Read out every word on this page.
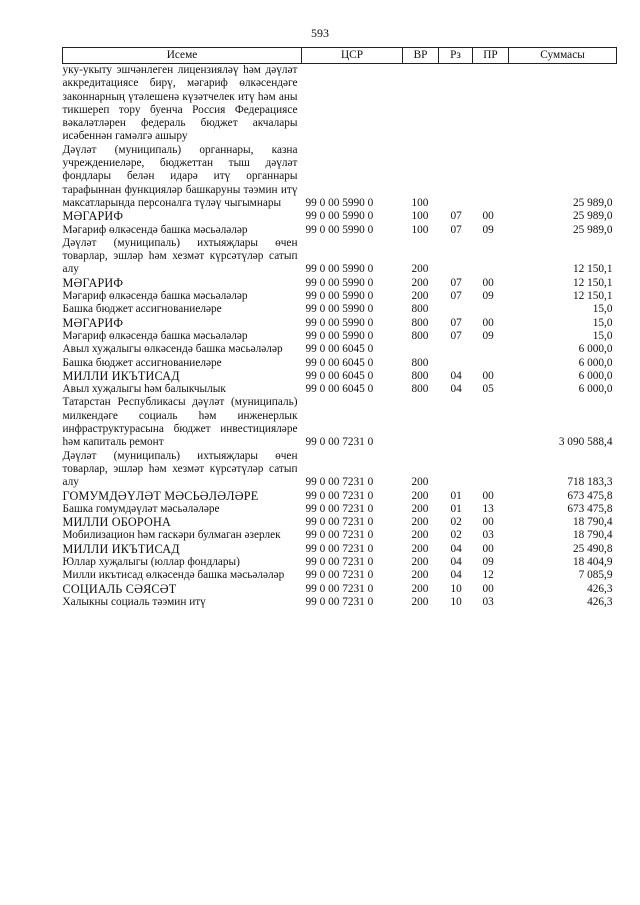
593
Исеме	ЦСР	ВР	Рз	ПР	Суммасы
уку-укыту эшчәнлеген лицензияләү һәм дәүләт аккредитациясе бирү, мәгариф өлкәсендәге законнарның үтәлешенә күзәтчелек итү һәм аны тикшереп тору буенча Россия Федерациясе вәкаләтләрен федераль бюджет акчалары исәбеннән гамәлгә ашыру					
Дәүләт (муниципаль) органнары, казна учреждениеләре, бюджеттан тыш дәүләт фондлары белән идарә итү органнары тарафыннан функцияләр башкаруны тәэмин итү максатларында персоналга түләү чыгымнары	99 0 00 5990 0	100			25 989,0
МӘГАРИФ	99 0 00 5990 0	100	07	00	25 989,0
Мәгариф өлкәсендә башка мәсьәләләр	99 0 00 5990 0	100	07	09	25 989,0
Дәүләт (муниципаль) ихтыяҗлары өчен товарлар, эшләр һәм хезмәт күрсәтүләр сатып алу	99 0 00 5990 0	200			12 150,1
МӘГАРИФ	99 0 00 5990 0	200	07	00	12 150,1
Мәгариф өлкәсендә башка мәсьәләләр	99 0 00 5990 0	200	07	09	12 150,1
Башка бюджет ассигнованиеләре	99 0 00 5990 0	800			15,0
МӘГАРИФ	99 0 00 5990 0	800	07	00	15,0
Мәгариф өлкәсендә башка мәсьәләләр	99 0 00 5990 0	800	07	09	15,0
Авыл хуҗалыгы өлкәсендә башка мәсьәләләр	99 0 00 6045 0				6 000,0
Башка бюджет ассигнованиеләре	99 0 00 6045 0	800			6 000,0
МИЛЛИ ИКЪТИСАД	99 0 00 6045 0	800	04	00	6 000,0
Авыл хуҗалыгы һәм балыкчылык	99 0 00 6045 0	800	04	05	6 000,0
Татарстан Республикасы дәүләт (муниципаль) милкендәге социаль һәм инженерлык инфраструктурасына бюджет инвестицияләре һәм капиталь ремонт	99 0 00 7231 0				3 090 588,4
Дәүләт (муниципаль) ихтыяҗлары өчен товарлар, эшләр һәм хезмәт күрсәтүләр сатып алу	99 0 00 7231 0	200			718 183,3
ГОМУМДӘҮЛӘТ МӘСЬӘЛӘЛӘРЕ	99 0 00 7231 0	200	01	00	673 475,8
Башка гомумдәүләт мәсьәләләре	99 0 00 7231 0	200	01	13	673 475,8
МИЛЛИ ОБОРОНА	99 0 00 7231 0	200	02	00	18 790,4
Мобилизацион һәм гаскәри булмаган әзерлек	99 0 00 7231 0	200	02	03	18 790,4
МИЛЛИ ИКЪТИСАД	99 0 00 7231 0	200	04	00	25 490,8
Юллар хуҗалыгы (юллар фондлары)	99 0 00 7231 0	200	04	09	18 404,9
Милли икътисад өлкәсендә башка мәсьәләләр	99 0 00 7231 0	200	04	12	7 085,9
СОЦИАЛЬ СӘЯСӘТ	99 0 00 7231 0	200	10	00	426,3
Халыкны социаль тәэмин итү	99 0 00 7231 0	200	10	03	426,3
